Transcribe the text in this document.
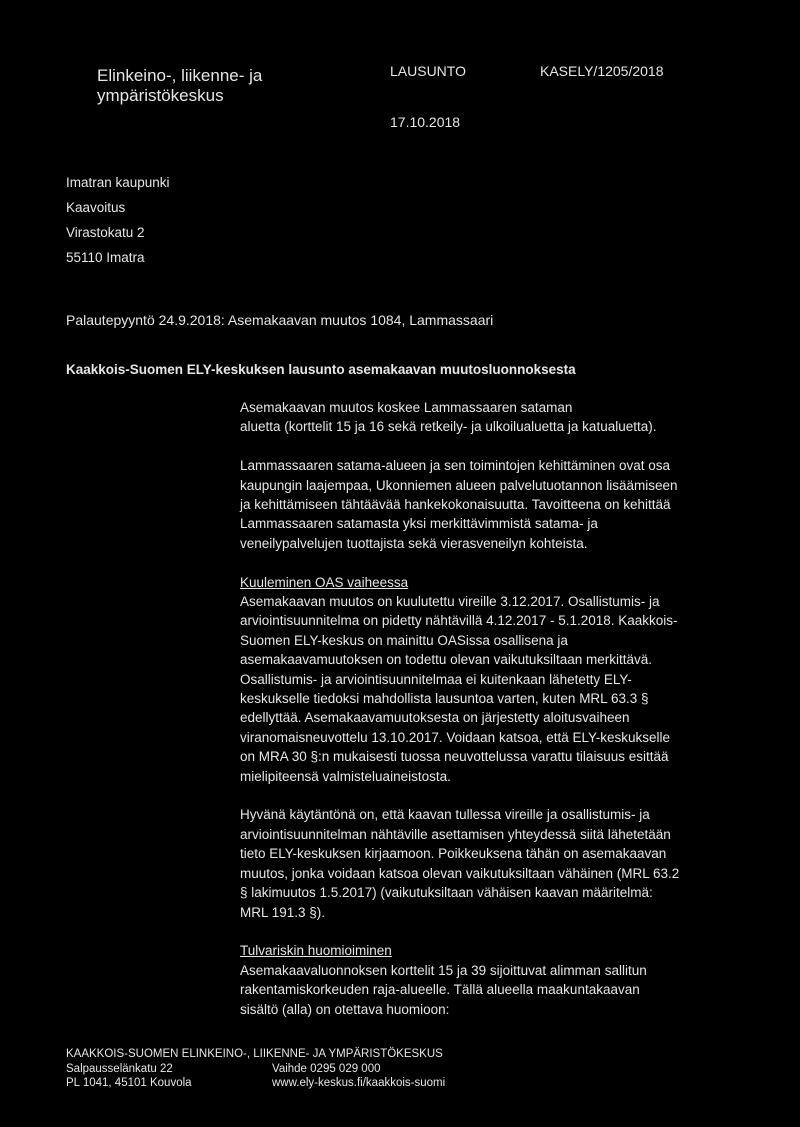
Elinkeino-, liikenne- ja
ympäristökeskus
LAUSUNTO	KASELY/1205/2018
17.10.2018
Imatran kaupunki
Kaavoitus
Virastokatu 2
55110 Imatra
Palautepyyntö 24.9.2018: Asemakaavan muutos 1084, Lammassaari
Kaakkois-Suomen ELY-keskuksen lausunto asemakaavan muutosluonnoksesta

Asemakaavan muutos koskee Lammassaaren sataman
aluetta (korttelit 15 ja 16 sekä retkeily- ja ulkoilualuetta ja katualuetta).

Lammassaaren satama-alueen ja sen toimintojen kehittäminen ovat osa
kaupungin laajempaa, Ukonniemen alueen palvelutuotannon lisäämiseen
ja kehittämiseen tähtäävää hankekokonaisuutta. Tavoitteena on kehittää
Lammassaaren satamasta yksi merkittävimmistä satama- ja
veneilypalvelujen tuottajista sekä vierasveneilyn kohteista.

Kuuleminen OAS vaiheessa

Asemakaavan muutos on kuulutettu vireille 3.12.2017. Osallistumis- ja
arviointisuunnitelma on pidetty nähtävillä 4.12.2017 - 5.1.2018. Kaakkois-
Suomen ELY-keskus on mainittu OASissa osallisena ja
asemakaavamuutoksen on todettu olevan vaikutuksiltaan merkittävä.
Osallistumis- ja arviointisuunnitelmaa ei kuitenkaan lähetetty ELY-
keskukselle tiedoksi mahdollista lausuntoa varten, kuten MRL 63.3 §
edellyttää. Asemakaavamuutoksesta on järjestetty aloitusvaiheen
viranomaisneuvottelu 13.10.2017. Voidaan katsoa, että ELY-keskukselle
on MRA 30 §:n mukaisesti tuossa neuvottelussa varattu tilaisuus esittää
mielipiteensä valmisteluaineistosta.

Hyvänä käytäntönä on, että kaavan tullessa vireille ja osallistumis- ja
arviointisuunnitelman nähtäville asettamisen yhteydessä siitä lähetetään
tieto ELY-keskuksen kirjaamoon. Poikkeuksena tähän on asemakaavan
muutos, jonka voidaan katsoa olevan vaikutuksiltaan vähäinen (MRL 63.2
§ lakimuutos 1.5.2017) (vaikutuksiltaan vähäisen kaavan määritelmä:
MRL 191.3 §).

Tulvariskin huomioiminen

Asemakaavaluonnoksen korttelit 15 ja 39 sijoittuvat alimman sallitun
rakentamiskorkeuden raja-alueelle. Tällä alueella maakuntakaavan
sisältö (alla) on otettava huomioon:

KAAKKOIS-SUOMEN ELINKEINO-, LIIKENNE- JA YMPÄRISTÖKESKUS
Salpausselänkatu 22	Vaihde 0295 029 000
PL 1041, 45101 Kouvola	www.ely-keskus.fi/kaakkois-suomi
